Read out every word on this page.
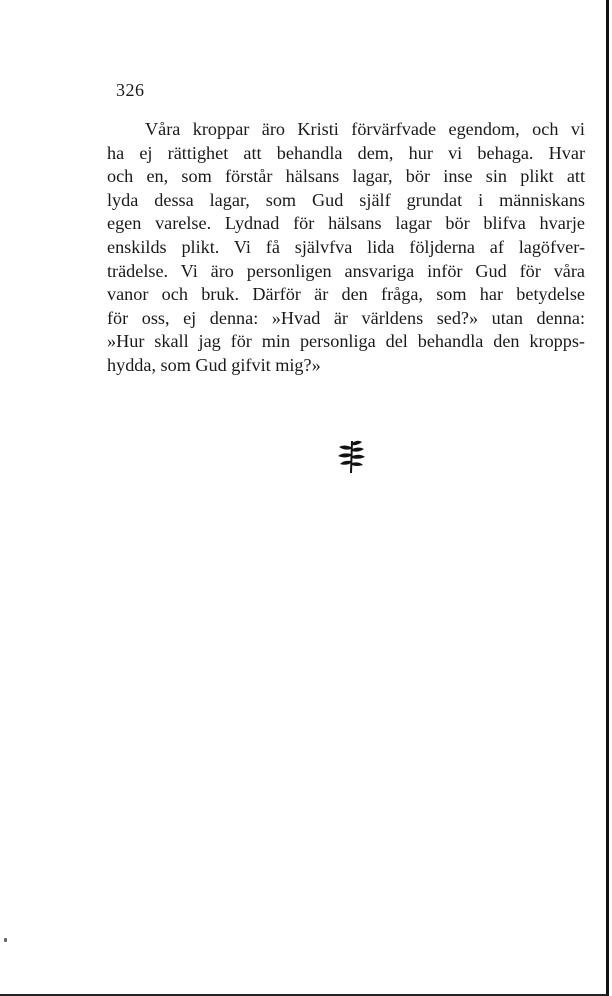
326
Våra kroppar äro Kristi förvärfvade egendom, och vi
ha ej rättighet att behandla dem, hur vi behaga. Hvar
och en, som förstår hälsans lagar, bör inse sin plikt att
lyda dessa lagar, som Gud själf grundat i människans
egen varelse. Lydnad för hälsans lagar bör blifva hvarje
enskilds plikt. Vi få självfva lida följderna af lagöfver-
trädelse. Vi äro personligen ansvariga inför Gud för våra
vanor och bruk. Därför är den fråga, som har betydelse
för oss, ej denna: »Hvad är världens sed?» utan denna:
»Hur skall jag för min personliga del behandla den kropps-
hydda, som Gud gifvit mig?»
